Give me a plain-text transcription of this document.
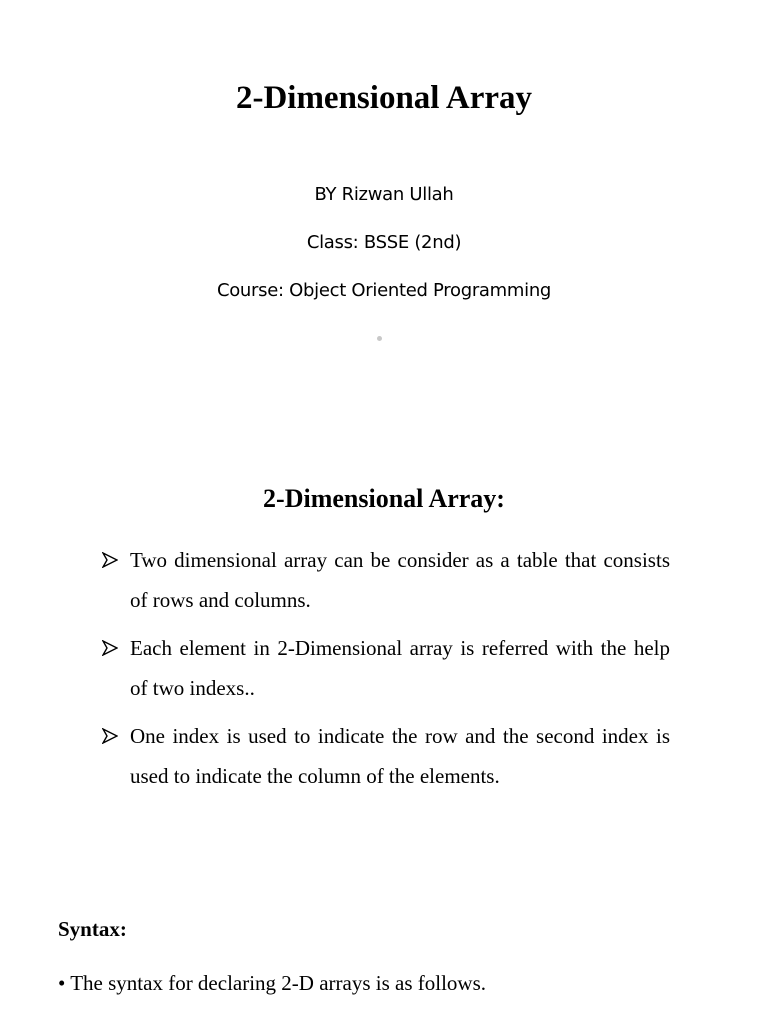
2-Dimensional Array

BY Rizwan Ullah

Class: BSSE (2nd)

Course: Object Oriented Programming

2-Dimensional Array:
Two dimensional array can be consider as a table that consists of rows and columns.
Each element in 2-Dimensional array is referred with the help of two indexs..
One index is used to indicate the row and the second index is used to indicate the column of the elements.

Syntax:

• The syntax for declaring 2-D arrays is as follows.
